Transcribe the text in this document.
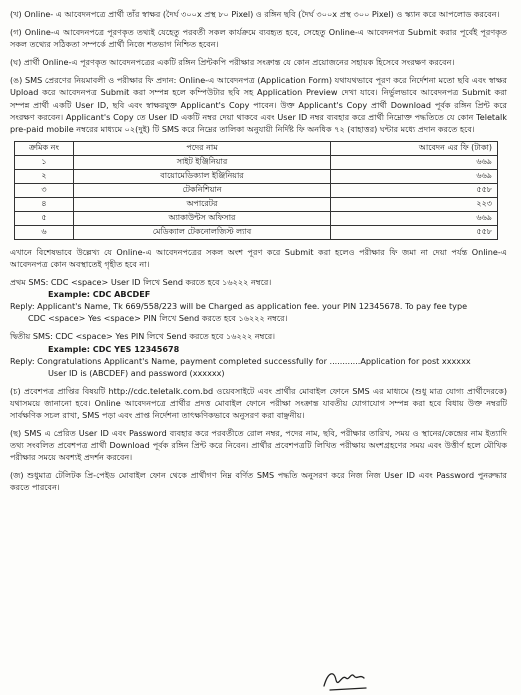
(খ) Online- এ আবেদনপত্রে প্রার্থী তাঁর স্বাক্ষর (দৈর্ঘ ৩০০x প্রস্থ ৮০ Pixel) ও রঙ্গিন ছবি (দৈর্ঘ ৩০০x প্রস্থ ৩০০ Pixel) ও স্ক্যান করে আপলোড করবেন।

(গ) Online-এ আবেদনপত্রে পূরণকৃত তথ্যই যেহেতু পরবর্তী সকল কার্যক্রমে ব্যবহৃত হবে, সেহেতু Online-এ আবেদনপত্র Submit করার পূর্বেই পূরণকৃত সকল তথ্যের সঠিকতা সম্পর্কে প্রার্থী নিজে শতভাগ নিশ্চিত হবেন।

(ঘ) প্রার্থী Online-এ পূরণকৃত আবেদনপত্রের একটি রঙ্গিন প্রিন্টকপি পরীক্ষার সংক্রান্ত যে কোন প্রয়োজনের সহায়ক হিসেবে সংরক্ষণ করবেন।

(ঙ) SMS প্রেরণের নিয়মাবলী ও পরীক্ষার ফি প্রদান: Online-এ আবেদনপত্র (Application Form) যথাযথভাবে পূরণ করে নির্দেশনা মতো ছবি এবং স্বাক্ষর Upload করে আবেদনপত্র Submit করা সম্পন্ন হলে কম্পিউটার ছবি সহ Application Preview দেখা যাবে। নির্ভুলভাবে আবেদনপত্র Submit করা সম্পন্ন প্রার্থী একটি User ID, ছবি এবং স্বাক্ষরযুক্ত Applicant's Copy পাবেন। উক্ত Applicant's Copy প্রার্থী Download পূর্বক রঙ্গিন প্রিন্ট করে সংরক্ষণ করবেন। Applicant's Copy তে User ID একটি নম্বর দেয়া থাকবে এবং User ID নম্বর ব্যবহার করে প্রার্থী নিম্নোক্ত পদ্ধতিতে যে কোন Teletalk pre-paid mobile নম্বরের মাধ্যমে ০২(দুই) টি SMS করে নিম্নের তালিকা অনুযায়ী নির্দিষ্ট ফি অনধিক ৭২ (বাহাত্তর) ঘন্টার মধ্যে প্রদান করতে হবে।

ক্রমিক নং	পদের নাম	আবেদন এর ফি (টাকা)
১	সাইট ইঞ্জিনিয়ার	৬৬৯
২	বায়োমেডিক্যাল ইঞ্জিনিয়ার	৬৬৯
৩	টেকনিশিয়ান	৫৫৮
৪	অপারেটর	২২৩
৫	অ্যাকাউন্টস অফিসার	৬৬৯
৬	মেডিক্যাল টেকনোলজিস্ট ল্যাব	৫৫৮

এখানে বিশেষভাবে উল্লেখ্য যে Online-এ আবেদনপত্রের সকল অংশ পূরণ করে Submit করা হলেও পরীক্ষার ফি জমা না দেয়া পর্যন্ত Online-এ আবেদনপত্র কোন অবস্থাতেই গৃহীত হবে না।

প্রথম SMS: CDC <space> User ID লিখে Send করতে হবে ১৬২২২ নম্বরে।

Example: CDC ABCDEF

Reply: Applicant's Name, Tk 669/558/223 will be Charged as application fee. your PIN 12345678. To pay fee type

CDC <space> Yes <space> PIN লিখে Send করতে হবে ১৬২২২ নম্বরে।

দ্বিতীয় SMS: CDC <space> Yes PIN লিখে Send করতে হবে ১৬২২২ নম্বরে।

Example: CDC YES 12345678

Reply: Congratulations Applicant's Name, payment completed successfully for ............Application for post xxxxxx

User ID is (ABCDEF) and password (xxxxxx)

(চ) প্রবেশপত্র প্রাপ্তির বিষয়টি http://cdc.teletalk.com.bd ওয়েবসাইটে এবং প্রার্থীর মোবাইল ফোনে SMS এর মাধ্যমে (শুধু মাত্র যোগ্য প্রার্থীদেরকে) যথাসময়ে জানানো হবে। Online আবেদনপত্রে প্রার্থীর প্রদত্ত মোবাইল ফোনে পরীক্ষা সংক্রান্ত যাবতীয় যোগাযোগ সম্পন্ন করা হবে বিধায় উক্ত নম্বরটি সার্বক্ষণিক সচল রাখা, SMS পড়া এবং প্রাপ্ত নির্দেশনা তাৎক্ষণিকভাবে অনুসরণ করা বাঞ্ছনীয়।

(ছ) SMS এ প্রেরিত User ID এবং Password ব্যবহার করে পরবর্তীতে রোল নম্বর, পদের নাম, ছবি, পরীক্ষার তারিখ, সময় ও স্থানের/কেন্দ্রের নাম ইত্যাদি তথ্য সংবলিত প্রবেশপত্র প্রার্থী Download পূর্বক রঙ্গিন প্রিন্ট করে নিবেন। প্রার্থীর প্রবেশপত্রটি লিখিত পরীক্ষায় অংশগ্রহণের সময় এবং উত্তীর্ণ হলে মৌখিক পরীক্ষার সময়ে অবশ্যই প্রদর্শন করবেন।

(জ) শুধুমাত্র টেলিটক প্রি-পেইড মোবাইল ফোন থেকে প্রার্থীগণ নিম্ন বর্ণিত SMS পদ্ধতি অনুসরণ করে নিজ নিজ User ID এবং Password পুনরুদ্ধার করতে পারবেন।
